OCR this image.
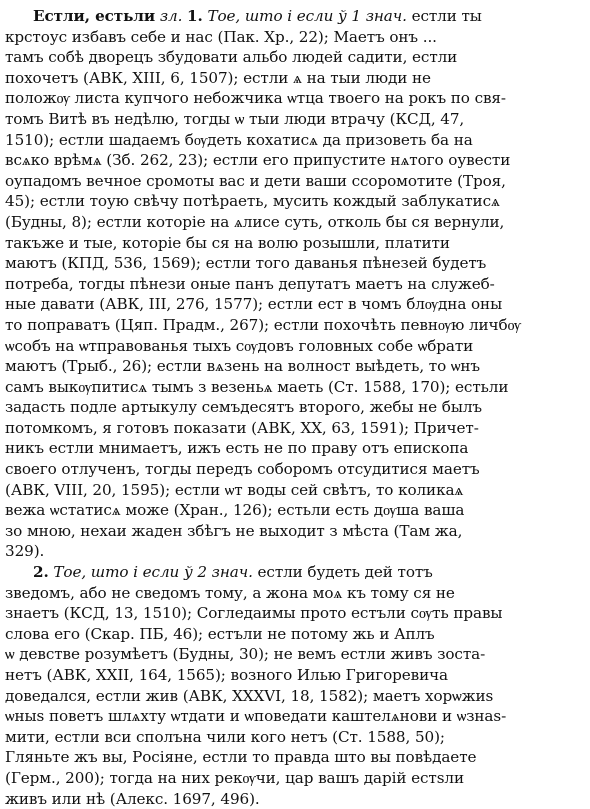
Естли, естьли зл. 1. Тое, што і если ў 1 знач. естли ты
крстоус избавъ себе и нас (Пак. Хр., 22); Маетъ онъ ...
тамъ собѣ дворецъ збудовати альбо людей садити, естли
похочетъ (АВК, XIII, 6, 1507); естли ѧ на тыи люди не
положѹ листа купчого небожчика ѡтца твоего на рокъ по свя-
томъ Витѣ въ недѣлю, тогды ѡ тыи люди втрачу (КСД, 47,
1510); естли шадаемъ бѹдеть кохатисѧ да призоветь ба на
всѧко врѣмѧ (Зб. 262, 23); естли его припустите нѧтого оувести
оупадомъ вечное сромоты вас и дети ваши ссоромотите (Троя,
45); естли тоую свѣчу потѣраеть, мусить кождый заблукатисѧ
(Будны, 8); естли которіе на ѧлисе суть, отколь бы ся вернули,
такъже и тые, которіе бы ся на волю розышли, платити
маютъ (КПД, 536, 1569); естли того даванья пѣнезей будетъ
потреба, тогды пѣнези оные панъ депутатъ маетъ на служеб-
ные давати (АВК, III, 276, 1577); естли ест в чомъ блѹдна оны
то поправатъ (Цяп. Прадм., 267); естли похочѣть певнѹю личбѹ
ѡсобъ на ѡтправованья тыхъ сѹдовъ головных собе ѡбрати
маютъ (Трыб., 26); естли вѧзень на волност выѣдеть, то ѡнъ
самъ выкѹпитисѧ тымъ з везеньѧ маеть (Ст. 1588, 170); естьли
задасть подле артыкулу семъдесятъ второго, жебы не былъ
потомкомъ, я готовъ показати (АВК, XX, 63, 1591); Причет-
никъ естли мнимаетъ, ижъ есть не по праву отъ епископа
своего отлученъ, тогды передъ соборомъ отсудитися маетъ
(АВК, VIII, 20, 1595); естли ѡт воды сей свѣтъ, то коликаѧ
вежа ѡстатисѧ може (Хран., 126); естьли есть дѹша ваша
зо мною, нехаи жаден збѣгъ не выходит з мѣста (Там жа,
329).
2. Тое, што і если ў 2 знач. естли будеть дей тотъ
зведомъ, або не сведомъ тому, а жона моѧ къ тому ся не
знаетъ (КСД, 13, 1510); Согледаимы прото естъли сѹть правы
слова его (Скар. ПБ, 46); естъли не потому жь и Аплъ
ѡ девстве розумѣетъ (Будны, 30); не вемъ естли живъ зоста-
нетъ (АВК, XXII, 164, 1565); возного Илью Григоревича
доведался, естли жив (АВК, XXXVI, 18, 1582); маетъ хорѡжиѕ
ѡныѕ поветъ шлѧхту ѡтдати и ѡповедати каштелѧнови и ѡзнаѕ-
мити, естли вси сполъна чили кого нетъ (Ст. 1588, 50);
Гляньте жъ вы, Росіяне, естли то правда што вы повѣдаете
(Герм., 200); тогда на них рекѹчи, цар вашъ дарій естѕли
живъ или нѣ (Алекс. 1697, 496).
